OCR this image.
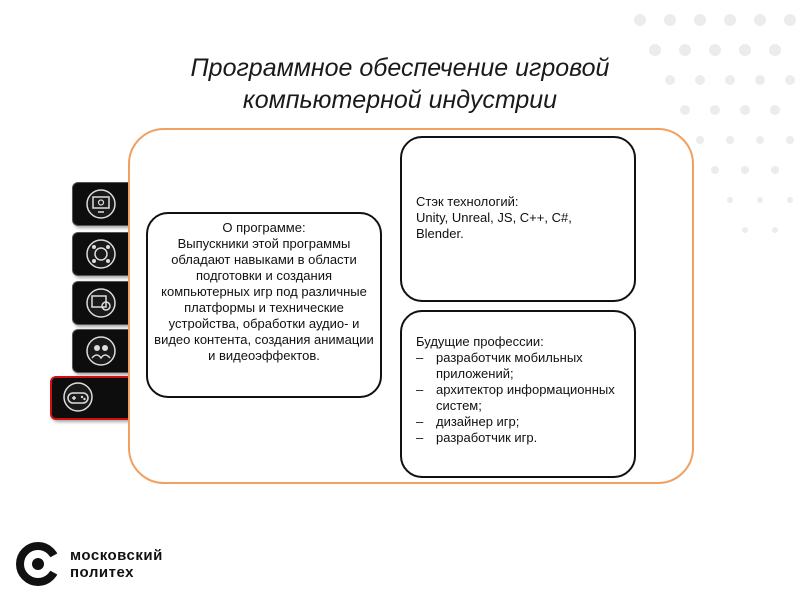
Программное обеспечение игровой
компьютерной индустрии
О программе:
Выпускники этой программы обладают навыками в области подготовки и создания компьютерных игр под различные платформы и технические устройства, обработки аудио- и видео контента, создания анимации и видеоэффектов.
Стэк технологий:
Unity, Unreal, JS, C++, C#, Blender.
Будущие профессии:
– разработчик мобильных приложений;
– архитектор информационных систем;
– дизайнер игр;
– разработчик игр.
московский
политех
